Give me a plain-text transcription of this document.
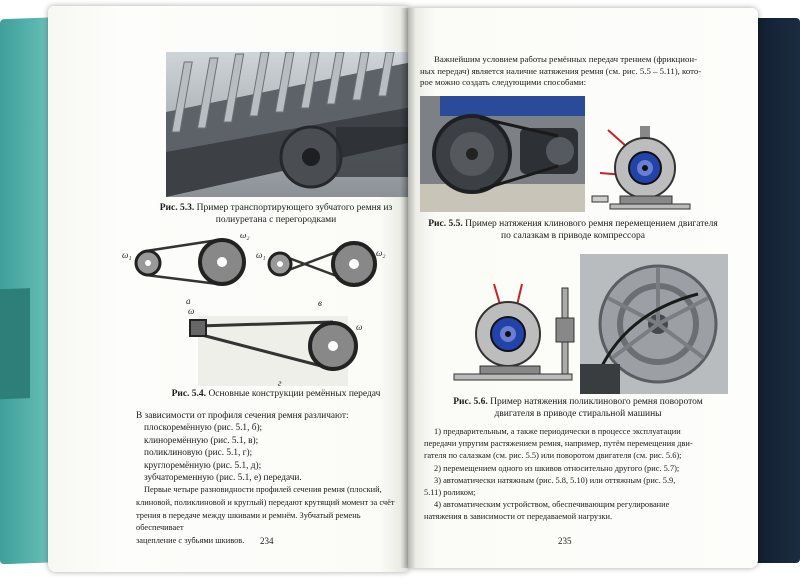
Рис. 5.3. Пример транспортирующего зубчатого ремня из полиуретана с перегородками
ω₁
ω₂
а
ω₁	ω₂
в
ω
ω
г
Рис. 5.4. Основные конструкции ремённых передач
В зависимости от профиля сечения ремня различают:
плоскоремённую (рис. 5.1, б);
клиноремённую (рис. 5.1, в);
поликлиновую (рис. 5.1, г);
круглоремённую (рис. 5.1, д);
зубчатоременную (рис. 5.1, е) передачи.
Первые четыре разновидности профилей сечения ремня (плоский,
клиновой, поликлиновой и круглый) передают крутящий момент за счёт
трения в передаче между шкивами и ремнём. Зубчатый ремень обеспечивает
зацепление с зубьями шкивов.	234
Важнейшим условием работы ремённых передач трением (фрикцион-
ных передач) является наличие натяжения ремня (см. рис. 5.5 – 5.11), кото-
рое можно создать следующими способами:
Рис. 5.5. Пример натяжения клинового ремня перемещением двигателя по салазкам в приводе компрессора
Рис. 5.6. Пример натяжения поликлинового ремня поворотом двигателя в приводе стиральной машины
1) предварительным, а также периодически в процессе эксплуатации
передачи упругим растяжением ремня, например, путём перемещения дви-
гателя по салазкам (см. рис. 5.5) или поворотом двигателя (см. рис. 5.6);
2) перемещением одного из шкивов относительно другого (рис. 5.7);
3) автоматически натяжным (рис. 5.8, 5.10) или оттяжным (рис. 5.9,
5.11) роликом;
4) автоматическим устройством, обеспечивающим регулирование
натяжения в зависимости от передаваемой нагрузки.
235
